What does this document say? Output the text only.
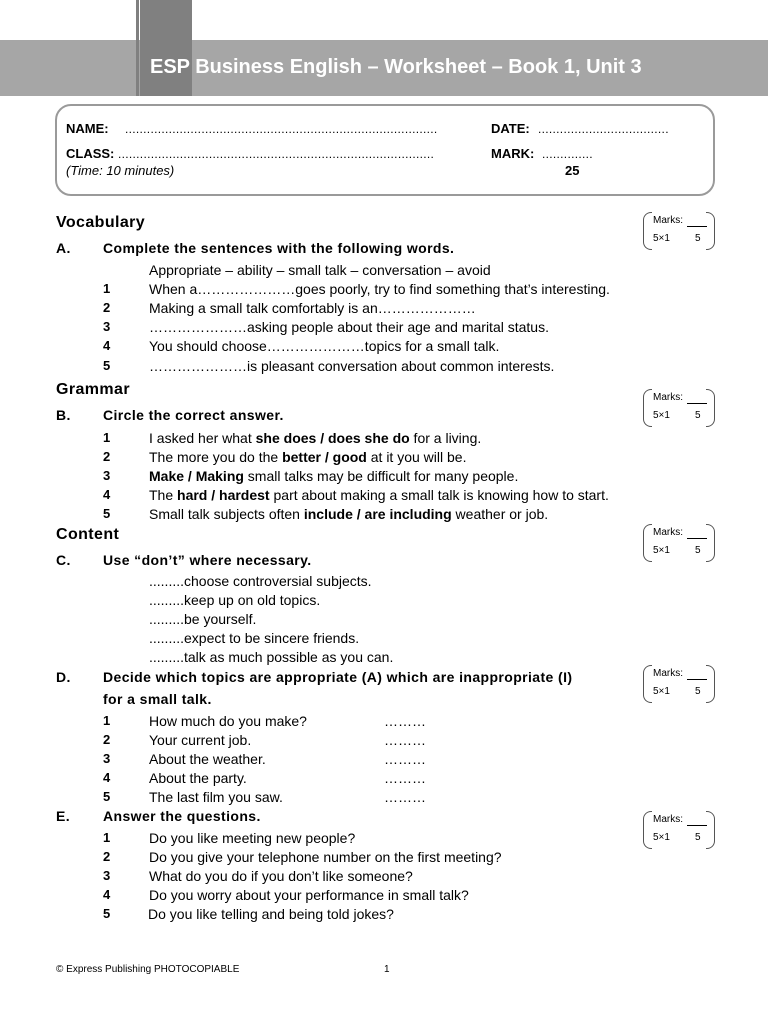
ESP Business English – Worksheet – Book 1, Unit 3
NAME: ......................................................................................	DATE: ....................................
CLASS: .......................................................................................	MARK: ..............
(Time: 10 minutes)	25
Vocabulary
A. Complete the sentences with the following words.
Marks:
5×1	5
Appropriate – ability – small talk – conversation – avoid
1	When a…………………goes poorly, try to find something that’s interesting.
2	Making a small talk comfortably is an…………………
3	…………………asking people about their age and marital status.
4	You should choose…………………topics for a small talk.
5	…………………is pleasant conversation about common interests.
Grammar
B. Circle the correct answer.
Marks:
5×1	5
1	I asked her what she does / does she do for a living.
2	The more you do the better / good at it you will be.
3	Make / Making small talks may be difficult for many people.
4	The hard / hardest part about making a small talk is knowing how to start.
5	Small talk subjects often include / are including weather or job.
Content
C. Use “don’t” where necessary.
Marks:
5×1	5
.........choose controversial subjects.
.........keep up on old topics.
.........be yourself.
.........expect to be sincere friends.
.........talk as much possible as you can.
D. Decide which topics are appropriate (A) which are inappropriate (I)
for a small talk.
Marks:
5×1	5
1	How much do you make?	………
2	Your current job.	………
3	About the weather.	………
4	About the party.	………
5	The last film you saw.	………
E. Answer the questions.	Marks:
5×1	5
1	Do you like meeting new people?
2	Do you give your telephone number on the first meeting?
3	What do you do if you don’t like someone?
4	Do you worry about your performance in small talk?
5	Do you like telling and being told jokes?
© Express Publishing PHOTOCOPIABLE	1
